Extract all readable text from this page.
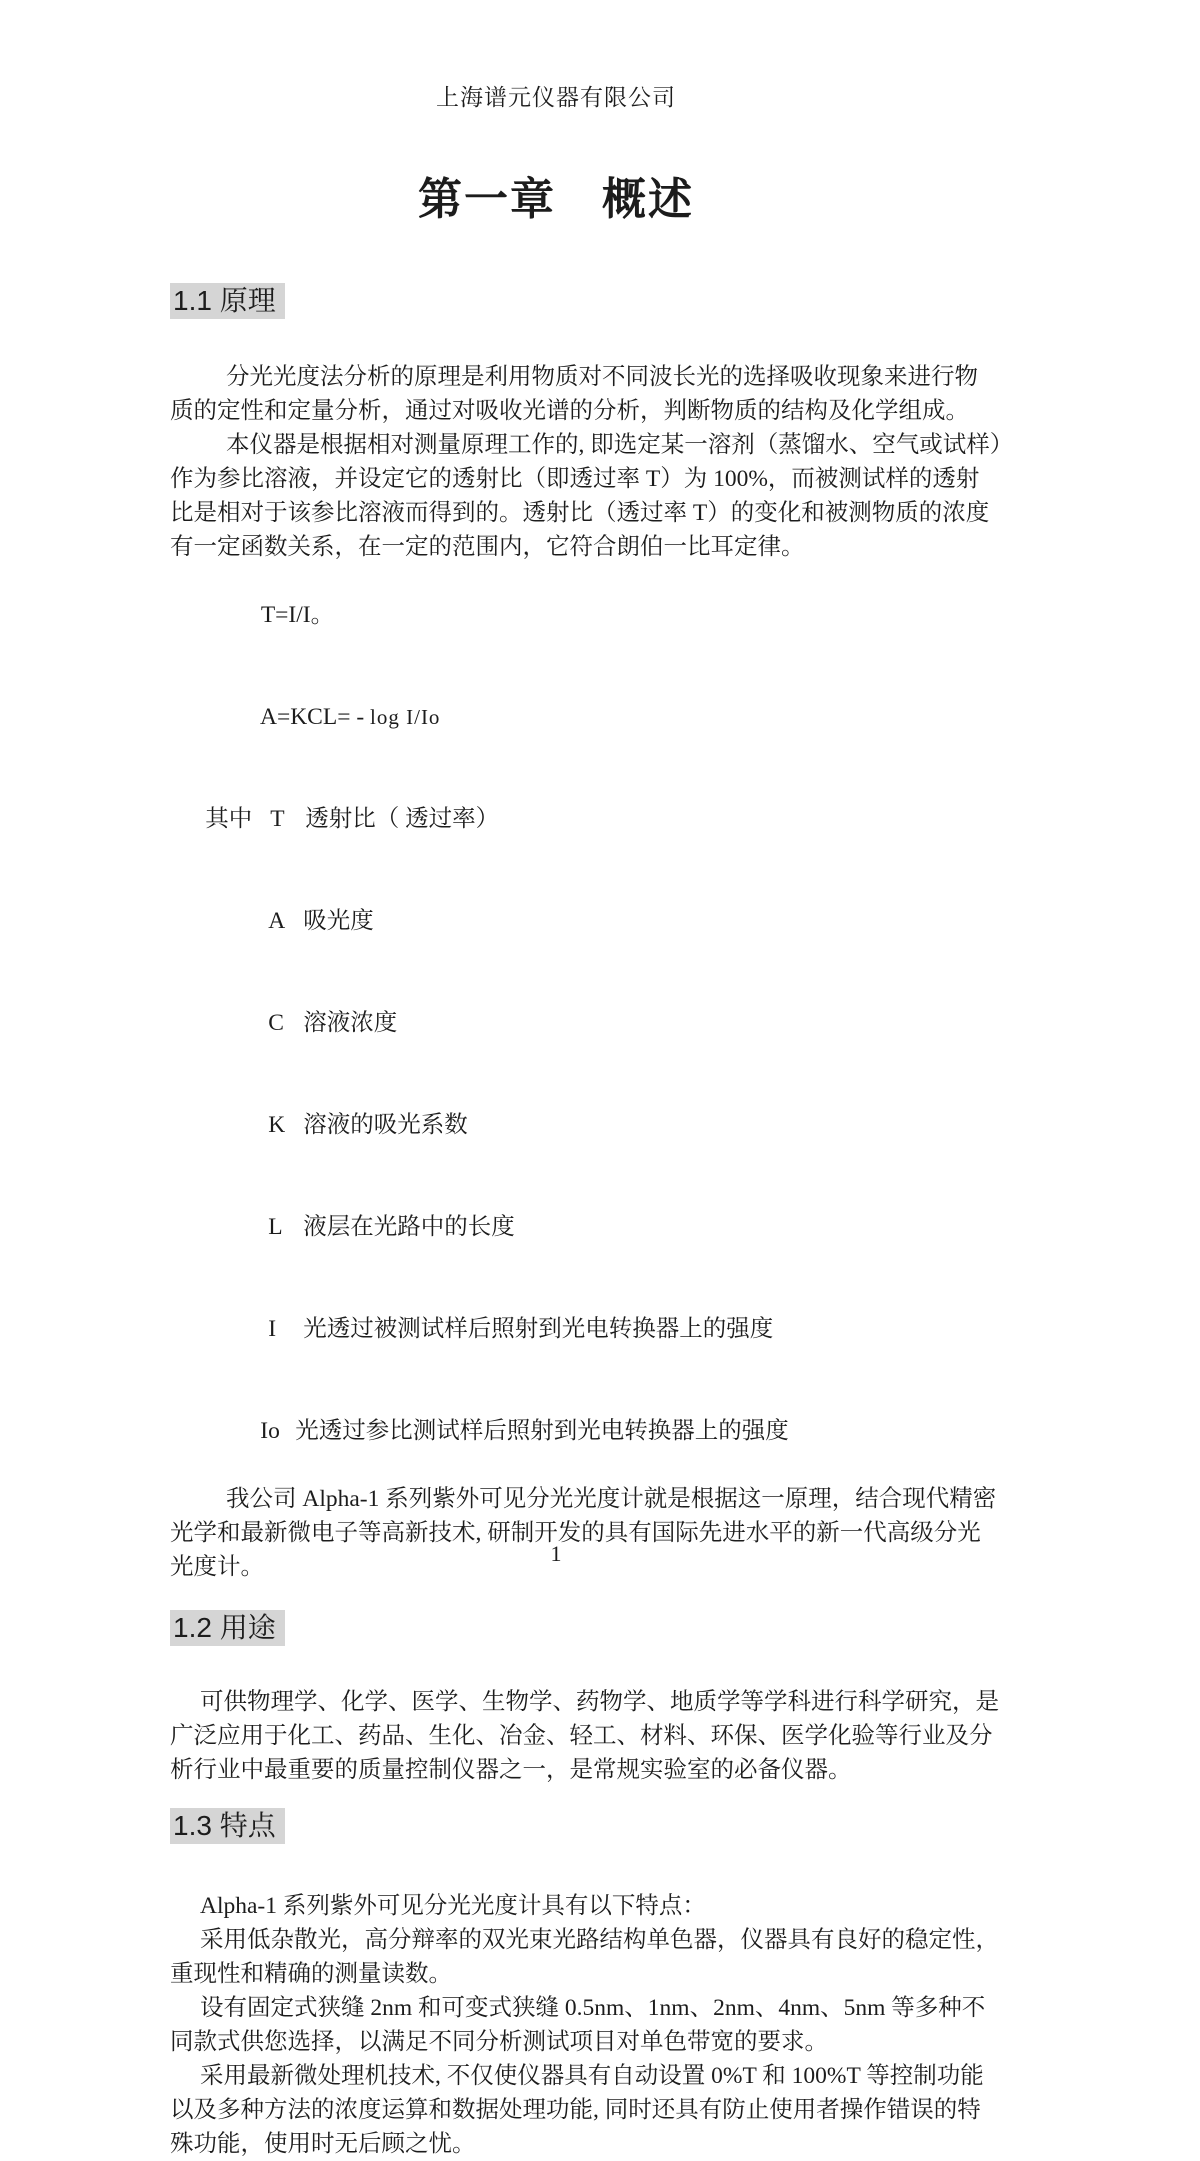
上海谱元仪器有限公司
第一章　概述
1.1 原理
分光光度法分析的原理是利用物质对不同波长光的选择吸收现象来进行物
质的定性和定量分析，通过对吸收光谱的分析，判断物质的结构及化学组成。
本仪器是根据相对测量原理工作的, 即选定某一溶剂（蒸馏水、空气或试样）
作为参比溶液，并设定它的透射比（即透过率 T）为 100%，而被测试样的透射
比是相对于该参比溶液而得到的。透射比（透过率 T）的变化和被测物质的浓度
有一定函数关系，在一定的范围内，它符合朗伯一比耳定律。

T=I/I。

A=KCL= - log I/Io

其中 T 透射比（ 透过率）

A 吸光度

C 溶液浓度

K 溶液的吸光系数

L 液层在光路中的长度

I 光透过被测试样后照射到光电转换器上的强度

Io 光透过参比测试样后照射到光电转换器上的强度

我公司 Alpha-1 系列紫外可见分光光度计就是根据这一原理，结合现代精密
光学和最新微电子等高新技术, 研制开发的具有国际先进水平的新一代高级分光
光度计。
1.2 用途
可供物理学、化学、医学、生物学、药物学、地质学等学科进行科学研究，是
广泛应用于化工、药品、生化、冶金、轻工、材料、环保、医学化验等行业及分
析行业中最重要的质量控制仪器之一，是常规实验室的必备仪器。
1.3 特点
Alpha-1 系列紫外可见分光光度计具有以下特点：
采用低杂散光，高分辩率的双光束光路结构单色器，仪器具有良好的稳定性，
重现性和精确的测量读数。
设有固定式狭缝 2nm 和可变式狭缝 0.5nm、1nm、2nm、4nm、5nm 等多种不
同款式供您选择，以满足不同分析测试项目对单色带宽的要求。
采用最新微处理机技术, 不仅使仪器具有自动设置 0%T 和 100%T 等控制功能
以及多种方法的浓度运算和数据处理功能, 同时还具有防止使用者操作错误的特
殊功能，使用时无后顾之忧。
1
